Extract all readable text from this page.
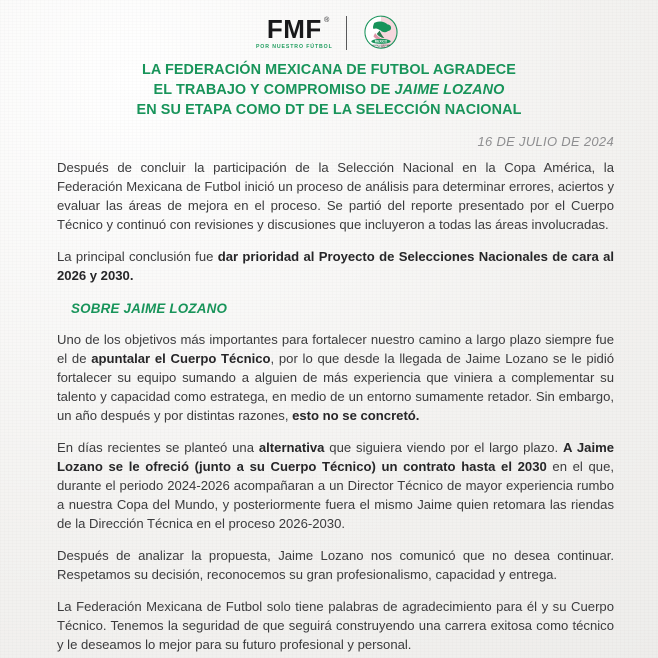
FMF ®
POR NUESTRO FÚTBOL
MEXICO
FEDERACION MEXICANA
DE FUTBOL
LA FEDERACIÓN MEXICANA DE FUTBOL AGRADECE
EL TRABAJO Y COMPROMISO DE JAIME LOZANO
EN SU ETAPA COMO DT DE LA SELECCIÓN NACIONAL
16 DE JULIO DE 2024

Después de concluir la participación de la Selección Nacional en la Copa América, la Federación Mexicana de Futbol inició un proceso de análisis para determinar errores, aciertos y evaluar las áreas de mejora en el proceso. Se partió del reporte presentado por el Cuerpo Técnico y continuó con revisiones y discusiones que incluyeron a todas las áreas involucradas.

La principal conclusión fue dar prioridad al Proyecto de Selecciones Nacionales de cara al 2026 y 2030.

SOBRE JAIME LOZANO

Uno de los objetivos más importantes para fortalecer nuestro camino a largo plazo siempre fue el de apuntalar el Cuerpo Técnico, por lo que desde la llegada de Jaime Lozano se le pidió fortalecer su equipo sumando a alguien de más experiencia que viniera a complementar su talento y capacidad como estratega, en medio de un entorno sumamente retador. Sin embargo, un año después y por distintas razones, esto no se concretó.

En días recientes se planteó una alternativa que siguiera viendo por el largo plazo. A Jaime Lozano se le ofreció (junto a su Cuerpo Técnico) un contrato hasta el 2030 en el que, durante el periodo 2024-2026 acompañaran a un Director Técnico de mayor experiencia rumbo a nuestra Copa del Mundo, y posteriormente fuera el mismo Jaime quien retomara las riendas de la Dirección Técnica en el proceso 2026-2030.

Después de analizar la propuesta, Jaime Lozano nos comunicó que no desea continuar. Respetamos su decisión, reconocemos su gran profesionalismo, capacidad y entrega.

La Federación Mexicana de Futbol solo tiene palabras de agradecimiento para él y su Cuerpo Técnico. Tenemos la seguridad de que seguirá construyendo una carrera exitosa como técnico y le deseamos lo mejor para su futuro profesional y personal.
